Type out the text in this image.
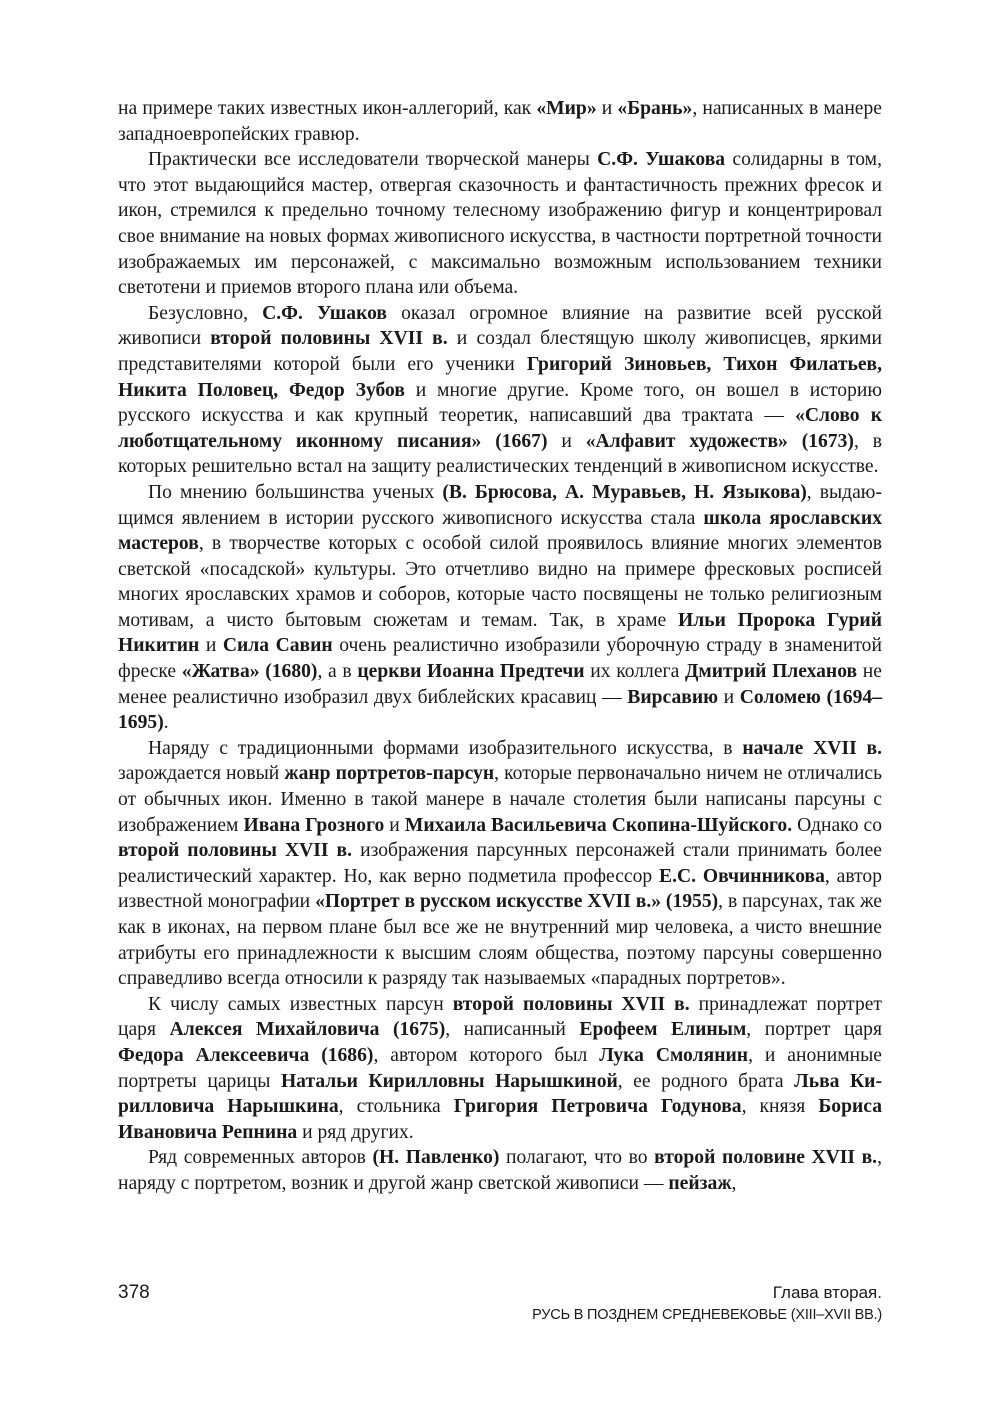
на примере таких известных икон-аллегорий, как «Мир» и «Брань», написанных в манере западноевропейских гравюр.

Практически все исследователи творческой манеры С.Ф. Ушакова солидарны в том, что этот выдающийся мастер, отвергая сказочность и фантастичность прежних фресок и икон, стремился к предельно точному телесному изображению фигур и концентрировал свое внимание на новых формах живописного искусства, в частности портретной точности изображаемых им персонажей, с максимально возможным использованием техники светотени и приемов второго плана или объема.

Безусловно, С.Ф. Ушаков оказал огромное влияние на развитие всей русской живописи второй половины XVII в. и создал блестящую школу живописцев, яркими представителями которой были его ученики Григорий Зиновьев, Тихон Филатьев, Никита Половец, Федор Зубов и многие другие. Кроме того, он вошел в историю русского искусства и как крупный теоретик, написавший два трактата — «Слово к люботщательному иконному писания» (1667) и «Алфавит художеств» (1673), в которых решительно встал на защиту реалистических тенденций в живописном искусстве.

По мнению большинства ученых (В. Брюсова, А. Муравьев, Н. Языкова), выдающимся явлением в истории русского живописного искусства стала школа ярославских мастеров, в творчестве которых с особой силой проявилось влияние многих элементов светской «посадской» культуры. Это отчетливо видно на примере фресковых росписей многих ярославских храмов и соборов, которые часто посвящены не только религиозным мотивам, а чисто бытовым сюжетам и темам. Так, в храме Ильи Пророка Гурий Никитин и Сила Савин очень реалистично изобразили уборочную страду в знаменитой фреске «Жатва» (1680), а в церкви Иоанна Предтечи их коллега Дмитрий Плеханов не менее реалистично изобразил двух библейских красавиц — Вирсавию и Соломею (1694–1695).

Наряду с традиционными формами изобразительного искусства, в начале XVII в. зарождается новый жанр портретов-парсун, которые первоначально ничем не отличались от обычных икон. Именно в такой манере в начале столетия были написаны парсуны с изображением Ивана Грозного и Михаила Васильевича Скопина-Шуйского. Однако со второй половины XVII в. изображения парсунных персонажей стали принимать более реалистический характер. Но, как верно подметила профессор Е.С. Овчинникова, автор известной монографии «Портрет в русском искусстве XVII в.» (1955), в парсунах, так же как в иконах, на первом плане был все же не внутренний мир человека, а чисто внешние атрибуты его принадлежности к высшим слоям общества, поэтому парсуны совершенно справедливо всегда относили к разряду так называемых «парадных портретов».

К числу самых известных парсун второй половины XVII в. принадлежат портрет царя Алексея Михайловича (1675), написанный Ерофеем Елиным, портрет царя Федора Алексеевича (1686), автором которого был Лука Смолянин, и анонимные портреты царицы Натальи Кирилловны Нарышкиной, ее родного брата Льва Кирилловича Нарышкина, стольника Григория Петровича Годунова, князя Бориса Ивановича Репнина и ряд других.

Ряд современных авторов (Н. Павленко) полагают, что во второй половине XVII в., наряду с портретом, возник и другой жанр светской живописи — пейзаж,

378	Глава вторая.
РУСЬ В ПОЗДНЕМ СРЕДНЕВЕКОВЬЕ (XIII–XVII ВВ.)
